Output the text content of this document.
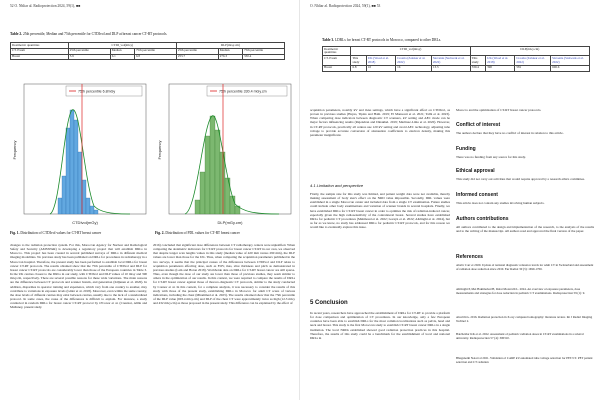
52 O. Nhliar al. Radioprotection 2024, 59(1), ■■
Table 2. 25th percentile, Median and 75th percentile for CTDIvol and DLP at breast cancer CT-RT protocols.
Dosimetric quantities	CTDI_vol(mGy)			DLP(mGy.cm)		
CT. Exam	25th percentile	Median	75th percentile	25th percentile	Median	75th percentile
Breast	5.9	6.1	6.8	253.7	276.3	330.4
75th percentile 6.8mGy
CTDIvol(mGy)
Frequency
75th percentile 330.4 mGy.cm
DLP(mGy.cm)
Frequency
Fig. 1. Distribution of CTDIvol values for CT-RT breast cancer	Fig. 2. Distribution of PDL values for CT-RT breast cancer
changes to the radiation protection system. For this, Moroccan Agency for Nuclear and Radiological Safety and Security (AMSSNuR) is developing a regulatory project that will establish DRLs in Morocco. This project has been created in several published surveys of DRLs in different medical imaging modalities. No previous study has been published on DRLs for procedures in radiotherapy in a Moroccan hospital. Therefore, the present study has been performed to establish local DRLs for breast cancer CT-RT protocols. The results obtained show that the 75th percentile of CTDIvol and DLP for breast cancer CT-RT protocols are considerably lower than those of the European countries in Table 3. In the UK centres closest to the DRLs in our study, with CTDIvol and DLP values of 10 mGy and 390 mGy.cm, respectively. There are several possible reasons for these wide variations. The main reasons are the difference between CT protocols and scanner brands, and generation (Kiljunen et al. 2020). In addition, disparities in operator training and experience, which vary from one country to another, may contribute to variations in exposure levels (Güler et al. 2018). Moreover, even within the same country, the dose levels of different centres may exist between centres, usually due to the lack of a standardized protocol. In some cases, the cause of the differences is difficult to explain. For instance, a study conducted in random DRLs for breast cancer CT-RT protocol by O'Conor et al. (Creutzat, Alille and Mullaney, present study.
2016) concluded that significant dose differences between CT radiotherapy centers were unjustified. When comparing the dosimetric indicators for CT-RT protocols for breast cancer CT-RT in our own, we observed that despite longer scan lengths values in this study (median value of 420 mm versus 290 mm), the DLP values are lower than those for the UK. Thus, when comparing the acquisition parameters published in the two surveys, it seems that the principal causes of the differences between CTDIvol and DLP relate to acquisition parameters affecting dose, such as FOV, mas, slice thickness and pitch as demonstrated in previous studies (Lam and Hotan 2018). Worldwide data on DRLs for CT-RT breast cancer are still sparse. Thus, even though the dose of our study are lower than those of previous studies, they seem similar to others in the optimization of our results. In this context, we were required to compare the results of DRLs for CT-RT breast cancer against those of thoraco-diagnostic CT protocols, similar to the study conducted by Connor et al. In this context, for a complete analysis, it was necessary to consider the results of this study with those of the present study, establishing DRLs in Morocco for adult CT scans of various indications, including the chest (Mhammed et al. 2023). The results obtained show that the 75th percentile of the DLP value (603.4 mGy.cm) and DLP of the chest CT were approximately twice as high (12.3 mGy and 432 mGy.cm) as those proposed in the present study. This difference can be explained by the effect of
O. Nhliar al. Radioprotection 2024, 59(1), ■■ 53
Table 3. LDRLs for breast CT-RT protocols in Morocco, compared to other DRLs.
Dosimetric quantities	CTDI_vol(mGy)				DLP(mGy.cm)			
CT. Exam	This study	UK (Wood et al. 2018)	Croatia (Zalokar et al. 2022)	Slovenia (Stolwerk et al. 2022)	This study	UK (Wood et al. 2018)	Croatia (Zalokar et al. 2022)	Slovenia (Stolwerk et al. 2022)
Breast	6.8	10	16	13.3	330.4	390	581	606.6
acquisition parameters, notably kV and mAs settings, which have a significant effect on CTDIvol, as proven in previous studies (Hayes, Tipnis and Hahi. 2019; El Mansouri et al. 2021; Talbi et al. 2023). When comparing dose indicators between diagnostic CT scanners, kV setting and AEC mode can be major factors influencing results (Rajendran and Dinakhel. 2019; Martinez-Lima et al. 2020). However, in CT-RT protocols, practically all centres use 120 kV setting and avoid AEC technology, adjusting tube voltage to provide accurate conversion of attenuation coefficients to electron density, making this parameter insignificant.
4.1 Limitation and perspective
Firstly, the sample size for this study was limited, and patient weight data were not available, thereby making assessment of body size's effect on the NRD value impossible. Secondly, DRL values were established in a single Moroccan center and included data from a single CT examination. Future studies could include other body examinations and variation of scanner brands in several hospitals. Finally, we have established DRLs for CT-RT breast cancer in order to optimize the risk of radiation-induced cancer, especially given the high radiosensitivity of the contralateral breast. Several studies have established DRLs for pediatric CT procedures (Mahmoud et al. 2022; Gorsyn et al. 2022; AKlinghi et al. 2024), but as far as we know, no study has addressed DRLs for pediatric CT-RT protocols, and for this reason we would like to eventually explore this issue.
5 Conclusion
In recent years, researchers have approached the establishment of DRLs for CT-RT to provide a platform for dose comparison and optimization of CT procedures. In our knowledge, only a few European countries have been able to establish DRLs for the most common localizations such as pelvis, head and neck and breast. This study is the first Moroccan study to establish CT-RT breast cancer DRLs in a single institution. The local NRDs established showed good radiation protection practices in this hospital. Therefore, the results of this study could be a benchmark for the establishment of local and national DRLs in
Morocco and the optimization of CT-RT breast cancer protocols.
Conflict of interest
The authors declare that they have no conflict of interest in relation to this article.
Funding
There was no funding from any source for this study.
Ethical approval
This study did not carry out activities that would require approval by a research ethics committee.
Informed consent
This article does not contain any studies involving human subjects.
Authors contributions
All authors contributed to the design and implementation of the research, to the analysis of the results and to the writing of the manuscript. All authors read and approved the final version of the paper.
References
Abeltc Carr et 2020. Update of national diagnostic reference levels for adult CT in Switzerland and assessment of radiation dose reduction since 2010. Eur Radiol 30 (3): 1690-1700.
AKlinghi P, Mei Hakimabad H, Rafat Motavalli L. 2024. An overview of exposure parameters, dose measurements and strategies for dose reduction in pediatric CT examinations. Radioprotection 59 (1): 9.
Alsafi KG. 2016. Radiation protection in X-ray computed tomography: literature review. Int J Radiol Imaging Technol 2.
Batcheldor KK et al. 2022. Assessment of pediatric radiation doses in CT-RT examinations in a referral university. Radioprotection 57 (4): 300310.
Bhaganonh NAart al 2021. Validation of CARE kV-automated tube voltage selection for PET/CT. PET patient selection and CT radiation
